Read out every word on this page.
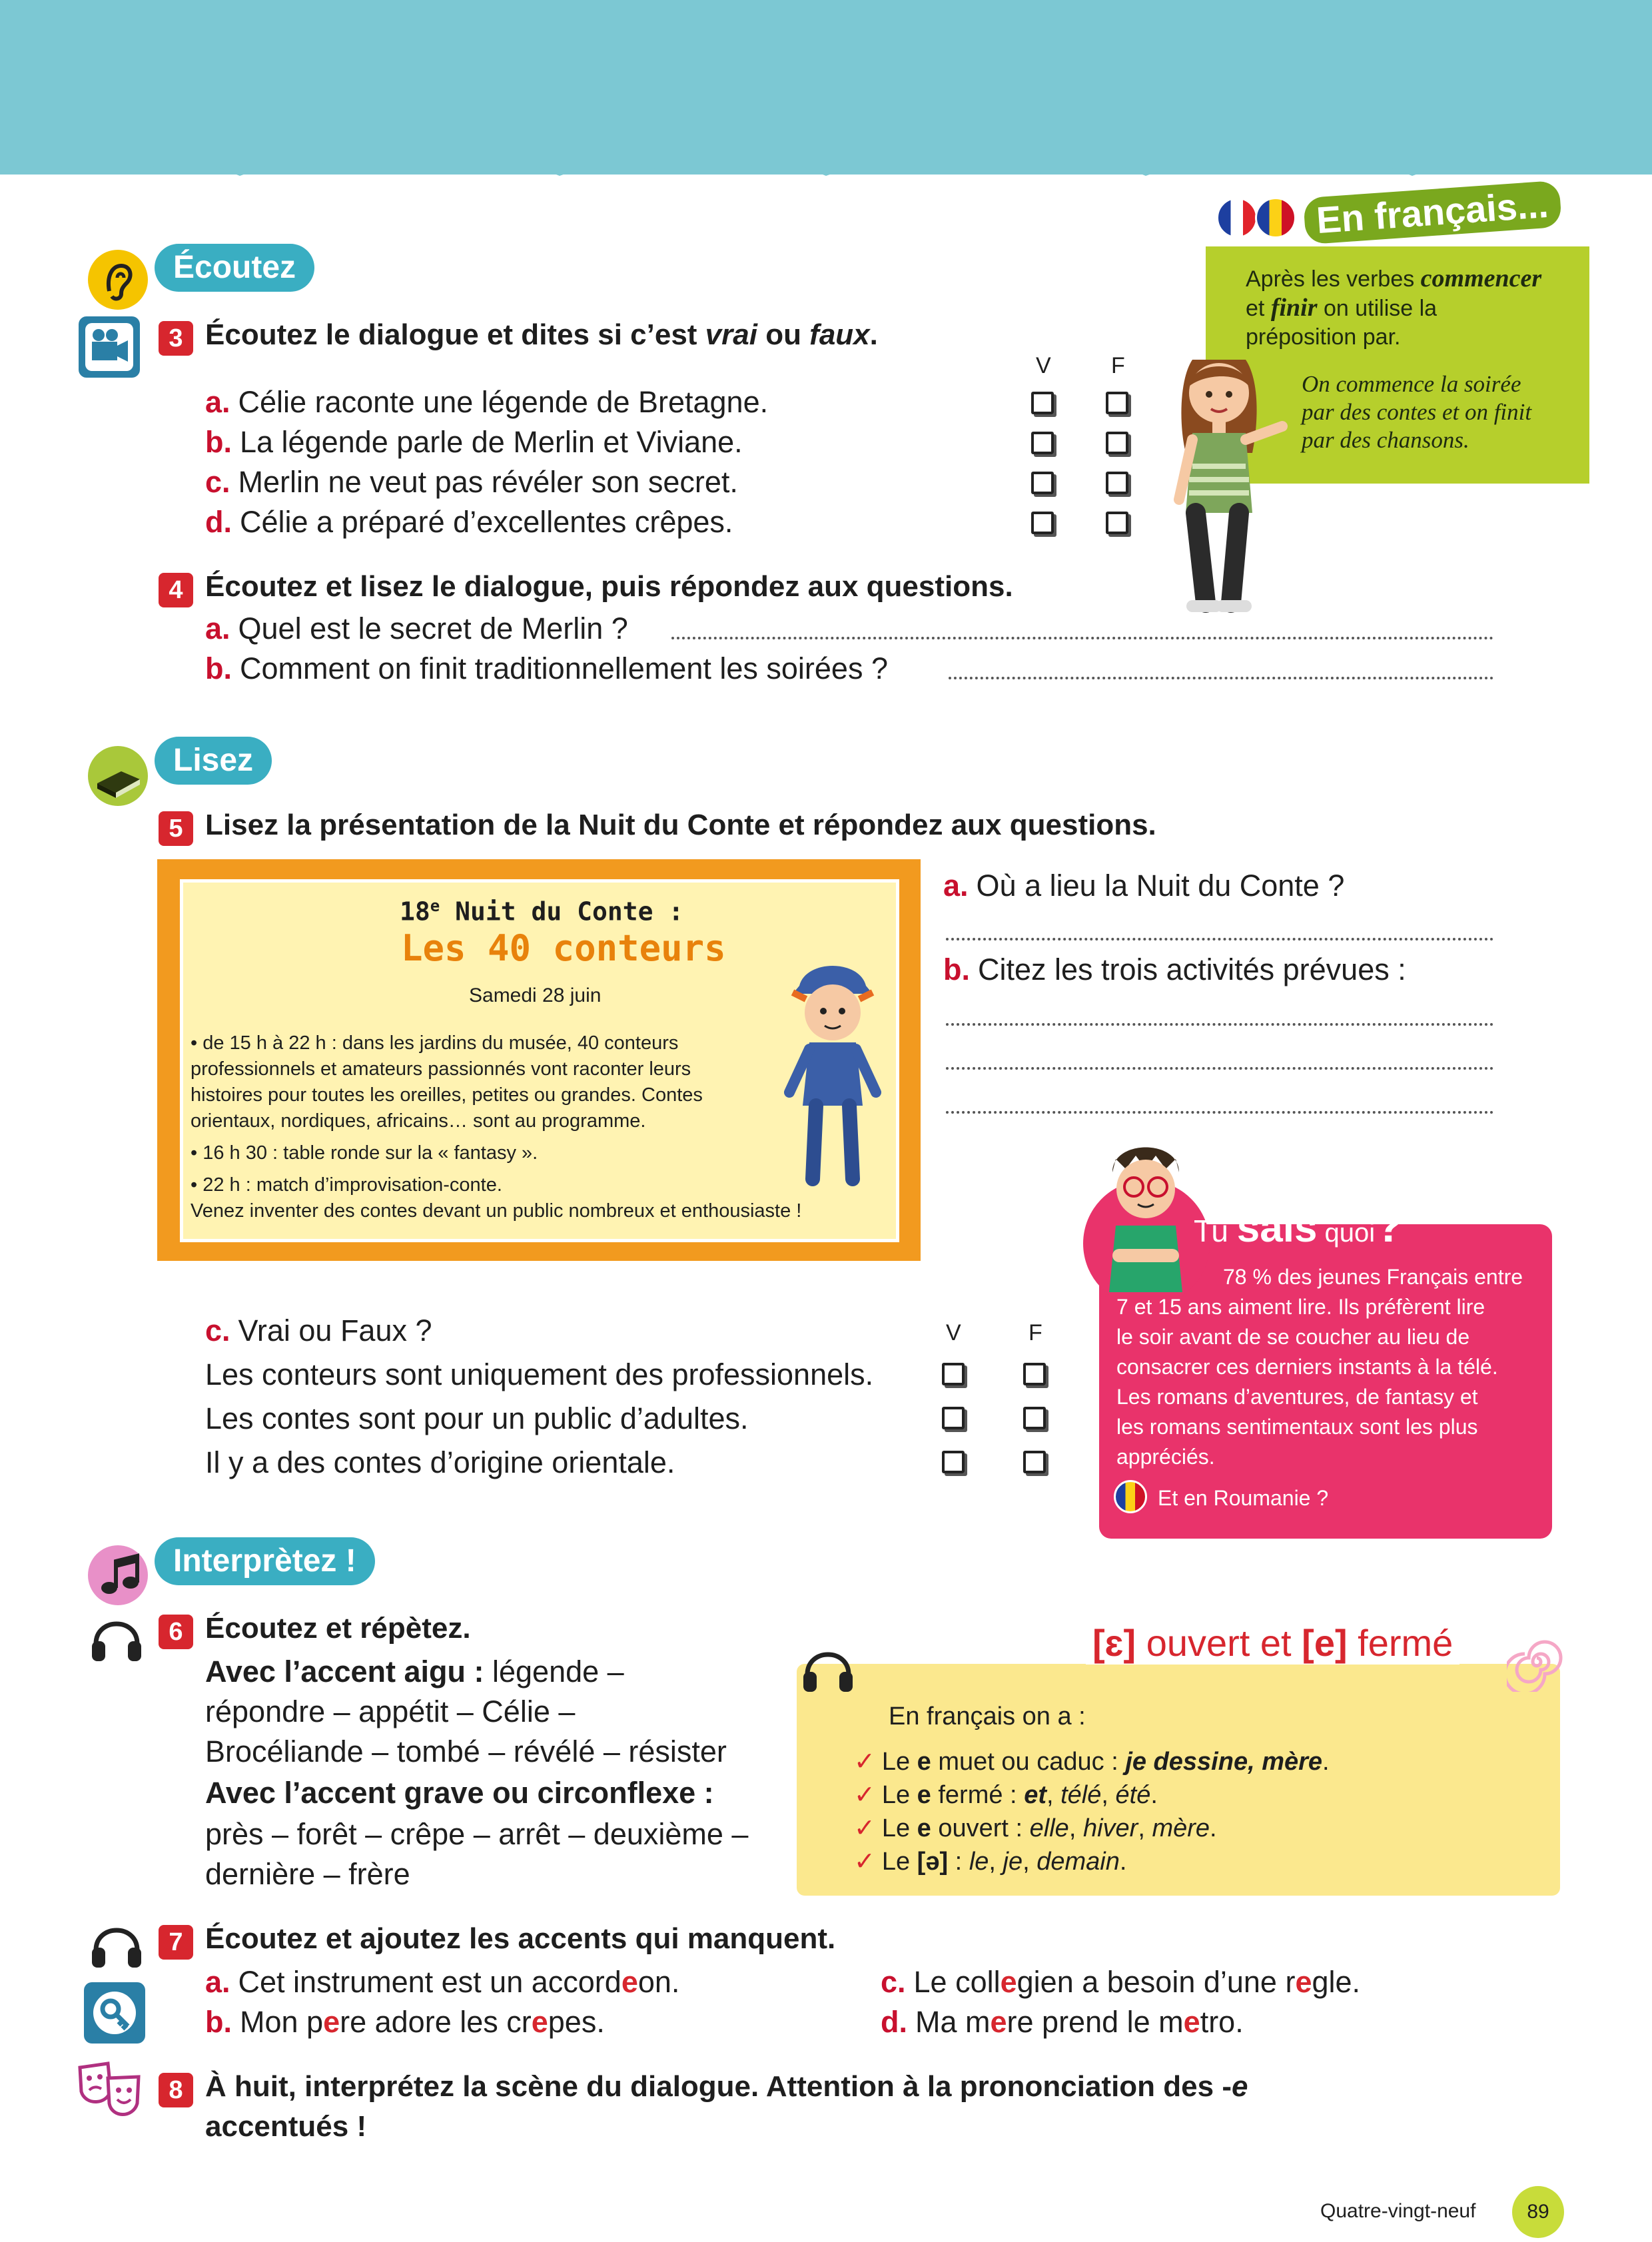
Écoutez
3 Écoutez le dialogue et dites si c’est vrai ou faux.
V	F
a. Célie raconte une légende de Bretagne.
b. La légende parle de Merlin et Viviane.
c. Merlin ne veut pas révéler son secret.
d. Célie a préparé d’excellentes crêpes.
En français...
Après les verbes commencer
et finir on utilise la
préposition par.
On commence la soirée
par des contes et on finit
par des chansons.
4 Écoutez et lisez le dialogue, puis répondez aux questions.
a. Quel est le secret de Merlin ?
b. Comment on finit traditionnellement les soirées ?
Lisez
5 Lisez la présentation de la Nuit du Conte et répondez aux questions.
18e Nuit du Conte :
Les 40 conteurs
Samedi 28 juin
• de 15 h à 22 h : dans les jardins du musée, 40 conteurs
professionnels et amateurs passionnés vont raconter leurs
histoires pour toutes les oreilles, petites ou grandes. Contes
orientaux, nordiques, africains… sont au programme.
• 16 h 30 : table ronde sur la « fantasy ».
• 22 h : match d’improvisation-conte.
Venez inventer des contes devant un public nombreux et enthousiaste !
a. Où a lieu la Nuit du Conte ?
b. Citez les trois activités prévues :
c. Vrai ou Faux ?	V	F
Les conteurs sont uniquement des professionnels.
Les contes sont pour un public d’adultes.
Il y a des contes d’origine orientale.
Tu sais quoi?
78 % des jeunes Français entre
7 et 15 ans aiment lire. Ils préfèrent lire
le soir avant de se coucher au lieu de
consacrer ces derniers instants à la télé.
Les romans d’aventures, de fantasy et
les romans sentimentaux sont les plus
appréciés.
Et en Roumanie ?
Interprètez !
6 Écoutez et répètez.
Avec l’accent aigu : légende –
répondre – appétit – Célie –
Brocéliande – tombé – révélé – résister
Avec l’accent grave ou circonflexe :
près – forêt – crêpe – arrêt – deuxième –
dernière – frère
[ɛ] ouvert et [e] fermé
En français on a :
✓ Le e muet ou caduc : je dessine, mère.
✓ Le e fermé : et, télé, été.
✓ Le e ouvert : elle, hiver, mère.
✓ Le [ə] : le, je, demain.
7 Écoutez et ajoutez les accents qui manquent.
a. Cet instrument est un accordeon.
b. Mon pere adore les crepes.
c. Le collegien a besoin d’une regle.
d. Ma mere prend le metro.
8 À huit, interprétez la scène du dialogue. Attention à la prononciation des -e
accentués !
Quatre-vingt-neuf	89
